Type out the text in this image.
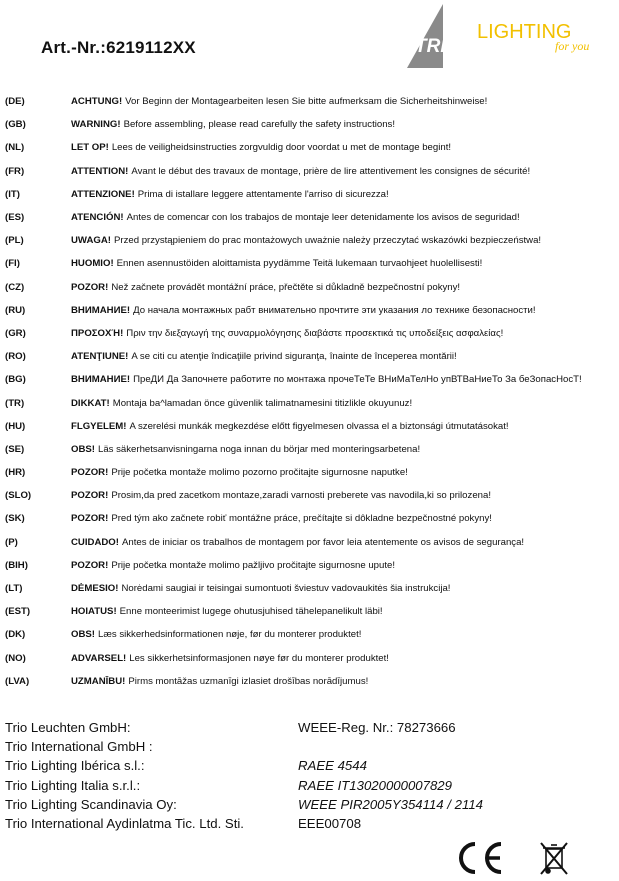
Art.-Nr.:6219112XX	TRIO
LIGHTING
for you
(DE)	ACHTUNG! Vor Beginn der Montagearbeiten lesen Sie bitte aufmerksam die Sicherheitshinweise!
(GB)	WARNING! Before assembling, please read carefully the safety instructions!
(NL)	LET OP! Lees de veiligheidsinstructies zorgvuldig door voordat u met de montage begint!
(FR)	ATTENTION! Avant le début des travaux de montage, prière de lire attentivement les consignes de sécurité!
(IT)	ATTENZIONE! Prima di istallare leggere attentamente l'arriso di sicurezza!
(ES)	ATENCIÓN! Antes de comencar con los trabajos de montaje leer detenidamente los avisos de seguridad!
(PL)	UWAGA! Przed przystąpieniem do prac montażowych uważnie należy przeczytać wskazówki bezpieczeństwa!
(FI)	HUOMIO! Ennen asennustöiden aloittamista pyydämme Teitä lukemaan turvaohjeet huolellisesti!
(CZ)	POZOR! Než začnete provádět montážní práce, přečtěte si důkladně bezpečnostní pokyny!
(RU)	ВНИМАНИЕ! До начала монтажных рабт внимательно прочтите эти указания ло технике безопасности!
(GR)	ΠΡΟΣΟΧΉ! Πριν την διεξαγωγή της συναρμολόγησης διαβάστε προσεκτικά τις υποδείξεις ασφαλείας!
(RO)	ATENŢIUNE! A se citi cu atenţie îndicaţiile privind siguranţa, înainte de începerea montării!
(BG)	ВНИМАНИЕ! ПреДИ Да Започнете работите по монтажа прочеТеТе ВНиМаТелНо упВТВаНиеТо За беЗопасНосТ!
(TR)	DIKKAT! Montaja ba^lamadan önce güvenlik talimatnamesini titizlikle okuyunuz!
(HU)	FLGYELEM! A szerelési munkák megkezdése előtt figyelmesen olvassa el a biztonsági útmutatásokat!
(SE)	OBS! Läs säkerhetsanvisningarna noga innan du börjar med monteringsarbetena!
(HR)	POZOR! Prije početka montaže molimo pozorno pročitajte sigurnosne naputke!
(SLO)	POZOR! Prosim,da pred zacetkom montaze,zaradi varnosti preberete vas navodila,ki so prilozena!
(SK)	POZOR! Pred tým ako začnete robiť montážne práce, prečítajte si dôkladne bezpečnostné pokyny!
(P)	CUIDADO! Antes de iniciar os trabalhos de montagem por favor leia atentemente os avisos de segurança!
(BIH)	POZOR! Prije početka montaže molimo pažljivo pročitajte sigurnosne upute!
(LT)	DĖMESIO! Norėdami saugiai ir teisingai sumontuoti šviestuv vadovaukitės šia instrukcija!
(EST)	HOIATUS! Enne monteerimist lugege ohutusjuhised tähelepanelikult läbi!
(DK)	OBS! Læs sikkerhedsinformationen nøje, før du monterer produktet!
(NO)	ADVARSEL! Les sikkerhetsinformasjonen nøye før du monterer produktet!
(LVA)	UZMANĪBU! Pirms montāžas uzmanīgi izlasiet drošības norādījumus!
Trio Leuchten GmbH:	WEEE-Reg. Nr.: 78273666
Trio International GmbH :
Trio Lighting Ibérica s.l.:	RAEE 4544
Trio Lighting Italia s.r.l.:	RAEE IT13020000007829
Trio Lighting Scandinavia Oy:	WEEE PIR2005Y354114 / 2114
Trio International Aydinlatma Tic. Ltd. Sti.	EEE00708
